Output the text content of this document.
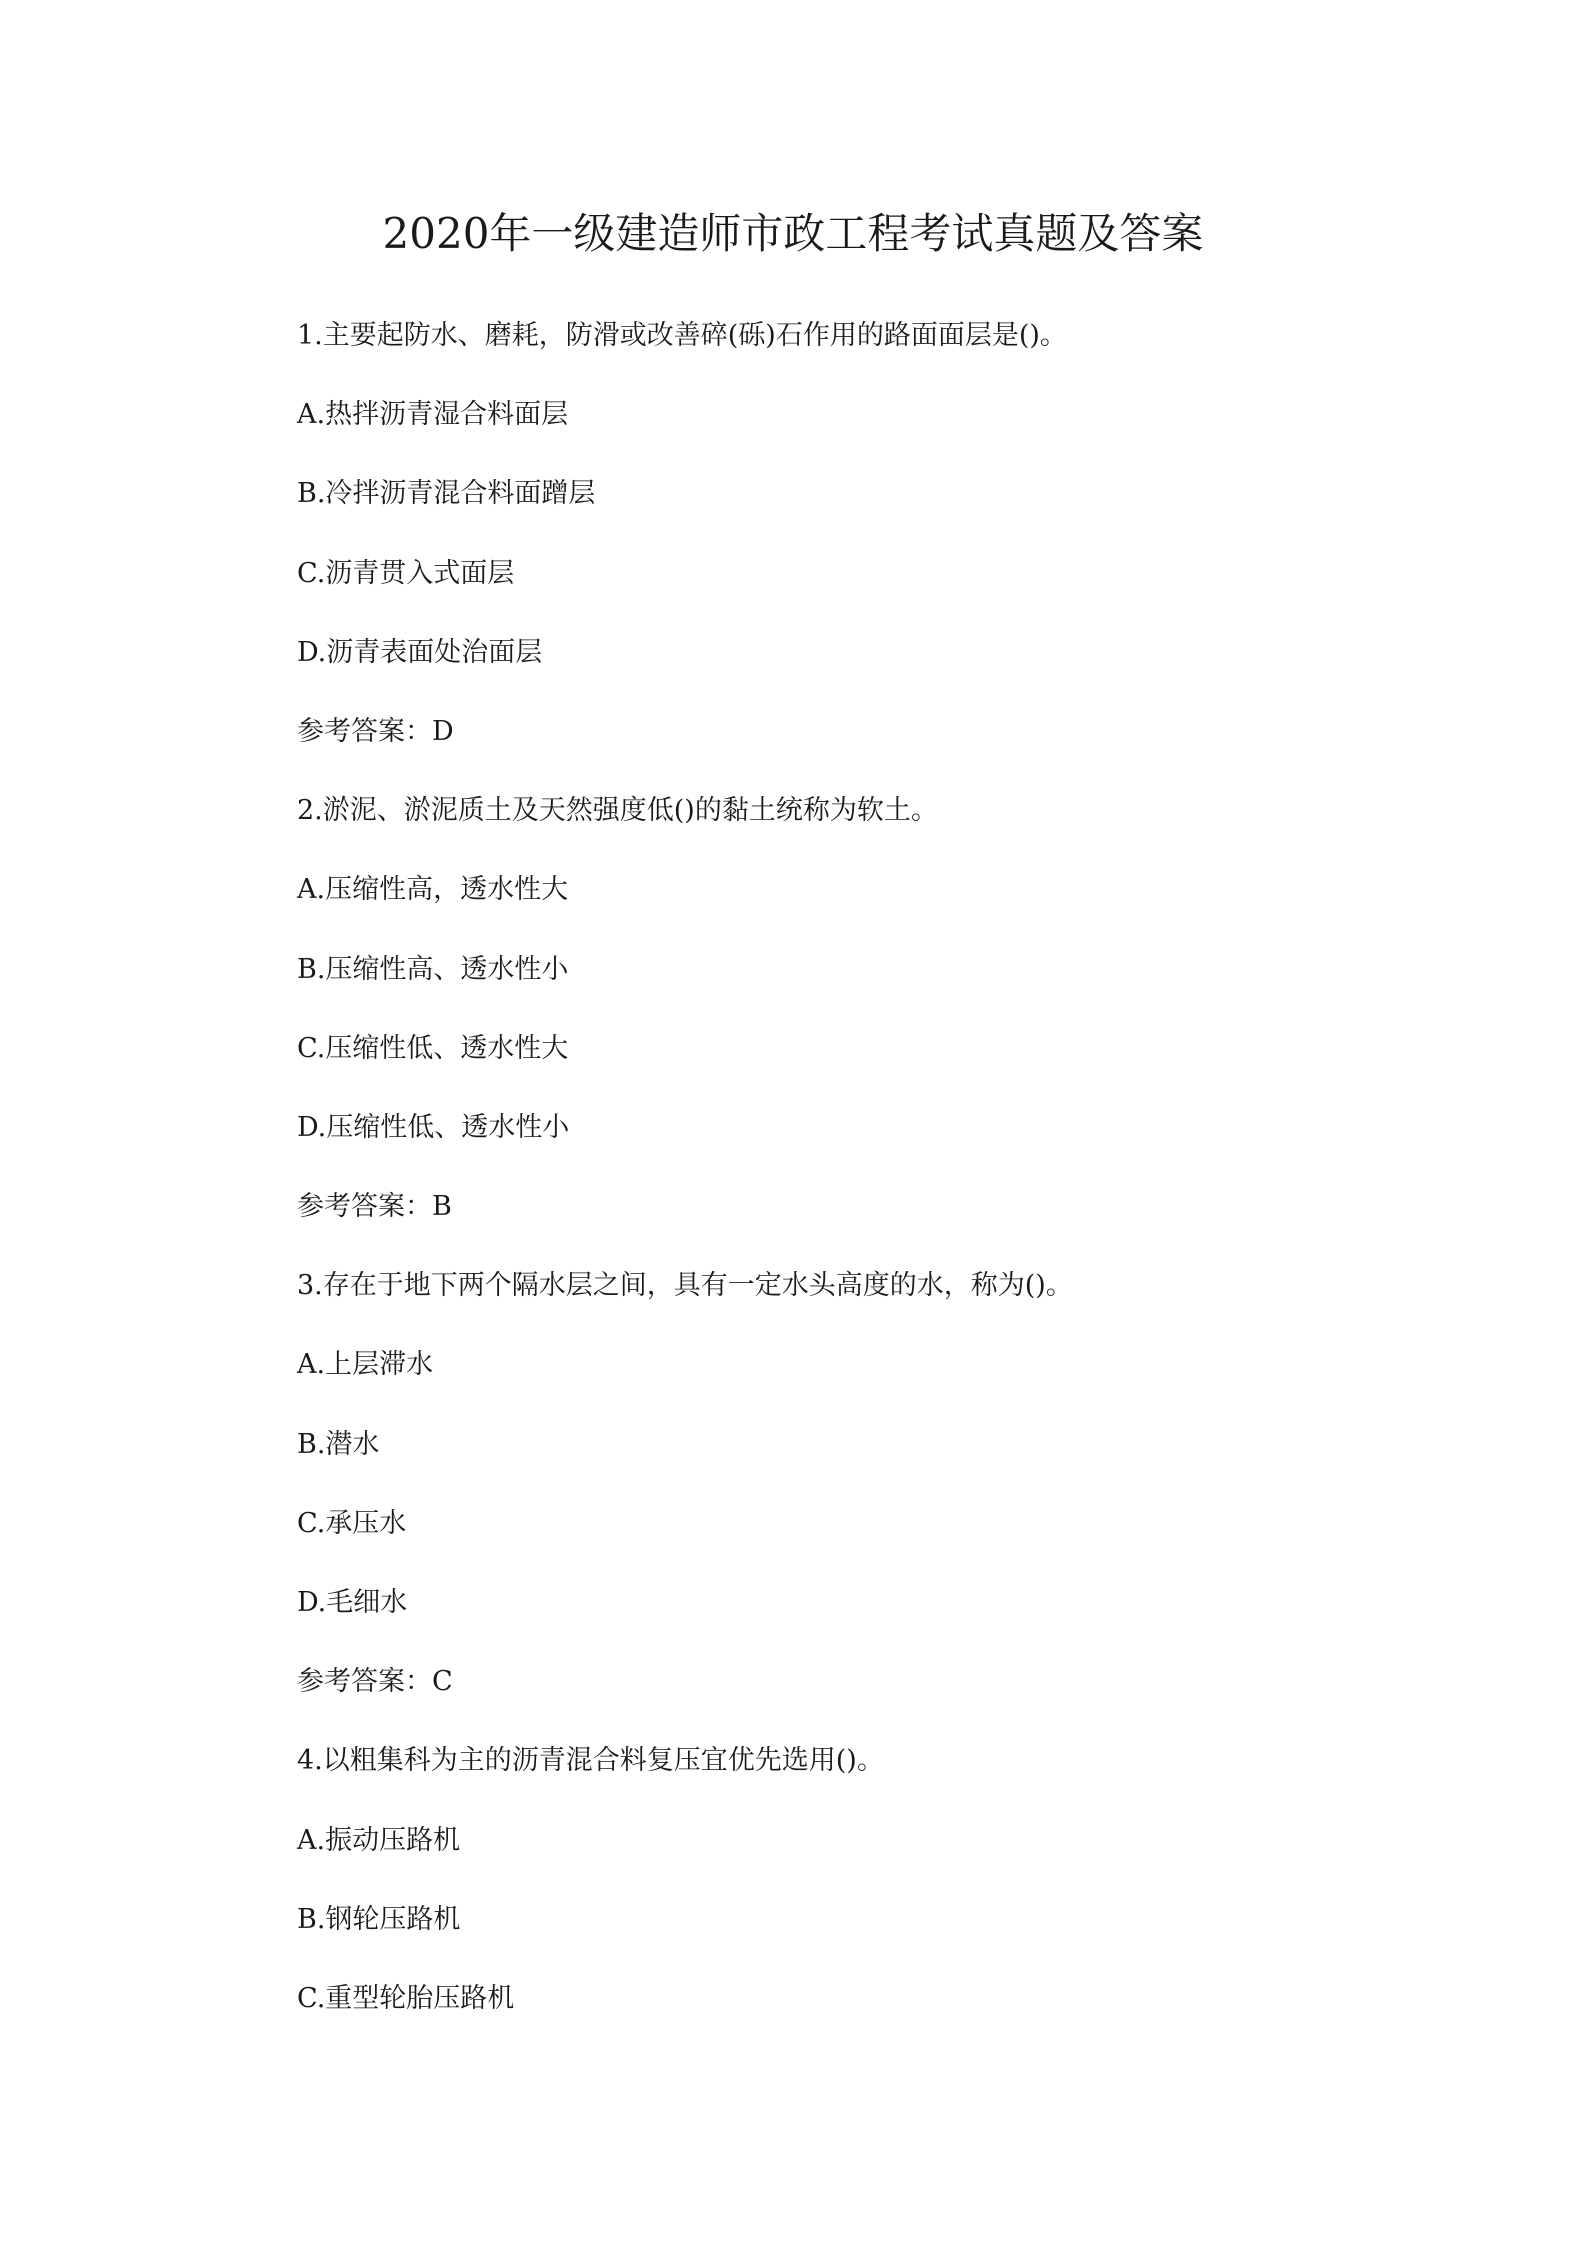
2020年一级建造师市政工程考试真题及答案
1.主要起防水、磨耗，防滑或改善碎(砾)石作用的路面面层是()。
A.热拌沥青湿合料面层
B.冷拌沥青混合料面蹭层
C.沥青贯入式面层
D.沥青表面处治面层
参考答案：D
2.淤泥、淤泥质土及天然强度低()的黏土统称为软土。
A.压缩性高，透水性大
B.压缩性高、透水性小
C.压缩性低、透水性大
D.压缩性低、透水性小
参考答案：B
3.存在于地下两个隔水层之间，具有一定水头高度的水，称为()。
A.上层滞水
B.潜水
C.承压水
D.毛细水
参考答案：C
4.以粗集科为主的沥青混合料复压宜优先选用()。
A.振动压路机
B.钢轮压路机
C.重型轮胎压路机
